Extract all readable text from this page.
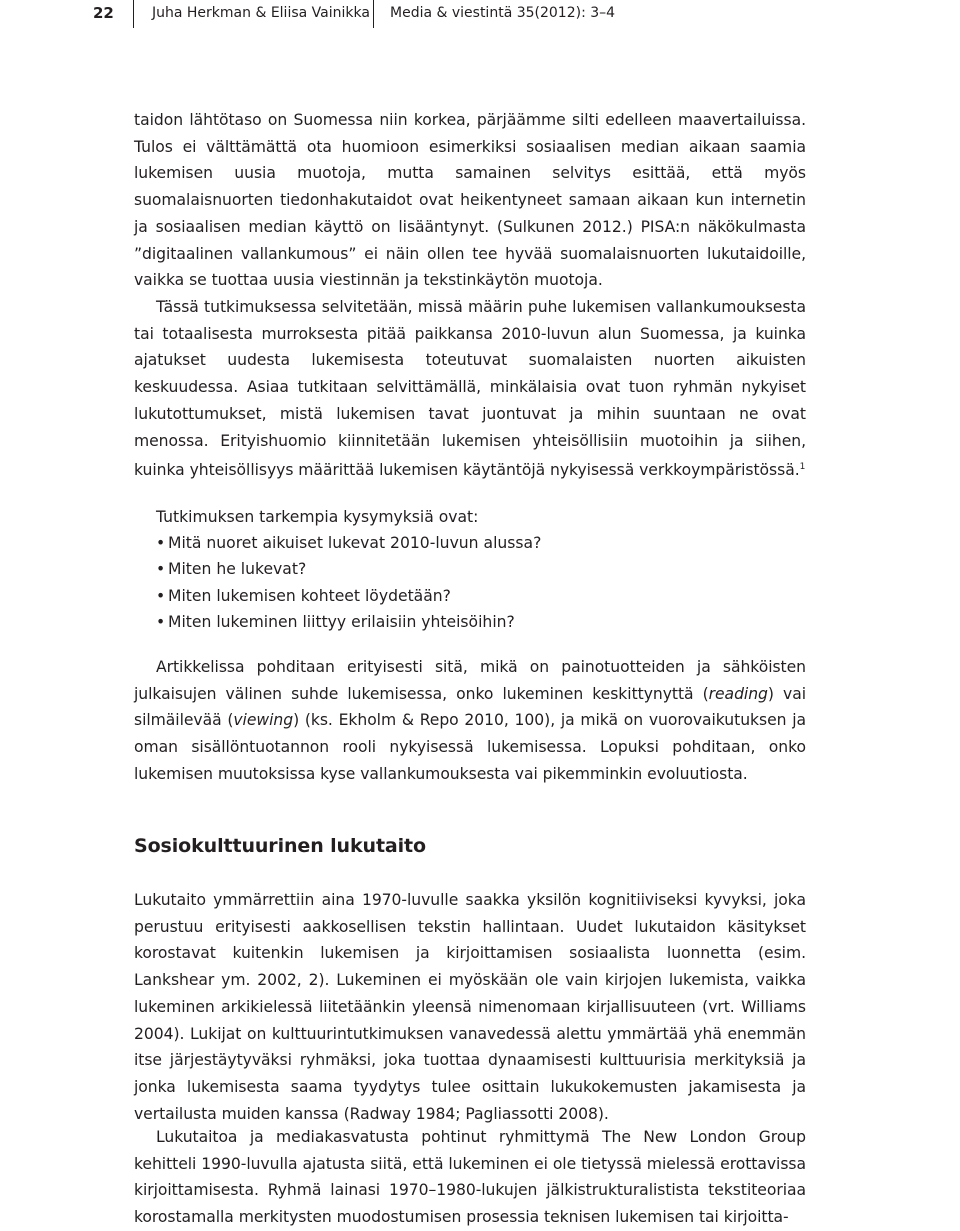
22	Juha Herkman & Eliisa Vainikka Media & viestintä 35(2012): 3–4

taidon lähtötaso on Suomessa niin korkea, pärjäämme silti edelleen maavertailuissa. Tulos ei välttämättä ota huomioon esimerkiksi sosiaalisen median aikaan saamia lukemisen uusia muotoja, mutta samainen selvitys esittää, että myös suomalaisnuorten tiedonhakutaidot ovat heikentyneet samaan aikaan kun internetin ja sosiaalisen median käyttö on lisääntynyt. (Sulkunen 2012.) PISA:n näkökulmasta ”digitaalinen vallankumous” ei näin ollen tee hyvää suomalaisnuorten lukutaidoille, vaikka se tuottaa uusia viestinnän ja tekstinkäytön muotoja.

Tässä tutkimuksessa selvitetään, missä määrin puhe lukemisen vallankumouksesta tai totaalisesta murroksesta pitää paikkansa 2010-luvun alun Suomessa, ja kuinka ajatukset uudesta lukemisesta toteutuvat suomalaisten nuorten aikuisten keskuudessa. Asiaa tutkitaan selvittämällä, minkälaisia ovat tuon ryhmän nykyiset lukutottumukset, mistä lukemisen tavat juontuvat ja mihin suuntaan ne ovat menossa. Erityishuomio kiinnitetään lukemisen yhteisöllisiin muotoihin ja siihen, kuinka yhteisöllisyys määrittää lukemisen käytäntöjä nykyisessä verkkoympäristössä.$^1$

Tutkimuksen tarkempia kysymyksiä ovat:
• Mitä nuoret aikuiset lukevat 2010-luvun alussa?
• Miten he lukevat?
• Miten lukemisen kohteet löydetään?
• Miten lukeminen liittyy erilaisiin yhteisöihin?

Artikkelissa pohditaan erityisesti sitä, mikä on painotuotteiden ja sähköisten julkaisujen välinen suhde lukemisessa, onko lukeminen keskittynyttä (reading) vai silmäilevää (viewing) (ks. Ekholm & Repo 2010, 100), ja mikä on vuorovaikutuksen ja oman sisällöntuotannon rooli nykyisessä lukemisessa. Lopuksi pohditaan, onko lukemisen muutoksissa kyse vallankumouksesta vai pikemminkin evoluutiosta.

Sosiokulttuurinen lukutaito

Lukutaito ymmärrettiin aina 1970-luvulle saakka yksilön kognitiiviseksi kyvyksi, joka perustuu erityisesti aakkosellisen tekstin hallintaan. Uudet lukutaidon käsitykset korostavat kuitenkin lukemisen ja kirjoittamisen sosiaalista luonnetta (esim. Lankshear ym. 2002, 2). Lukeminen ei myöskään ole vain kirjojen lukemista, vaikka lukeminen arkikielessä liitetäänkin yleensä nimenomaan kirjallisuuteen (vrt. Williams 2004). Lukijat on kulttuurintutkimuksen vanavedessä alettu ymmärtää yhä enemmän itse järjestäytyväksi ryhmäksi, joka tuottaa dynaamisesti kulttuurisia merkityksiä ja jonka lukemisesta saama tyydytys tulee osittain lukukokemusten jakamisesta ja vertailusta muiden kanssa (Radway 1984; Pagliassotti 2008).

Lukutaitoa ja mediakasvatusta pohtinut ryhmittymä The New London Group kehitteli 1990-luvulla ajatusta siitä, että lukeminen ei ole tietyssä mielessä erottavissa kirjoittamisesta. Ryhmä lainasi 1970–1980-lukujen jälkistrukturalistista tekstiteoriaa korostamalla merkitysten muodostumisen prosessia teknisen lukemisen tai kirjoitta-
